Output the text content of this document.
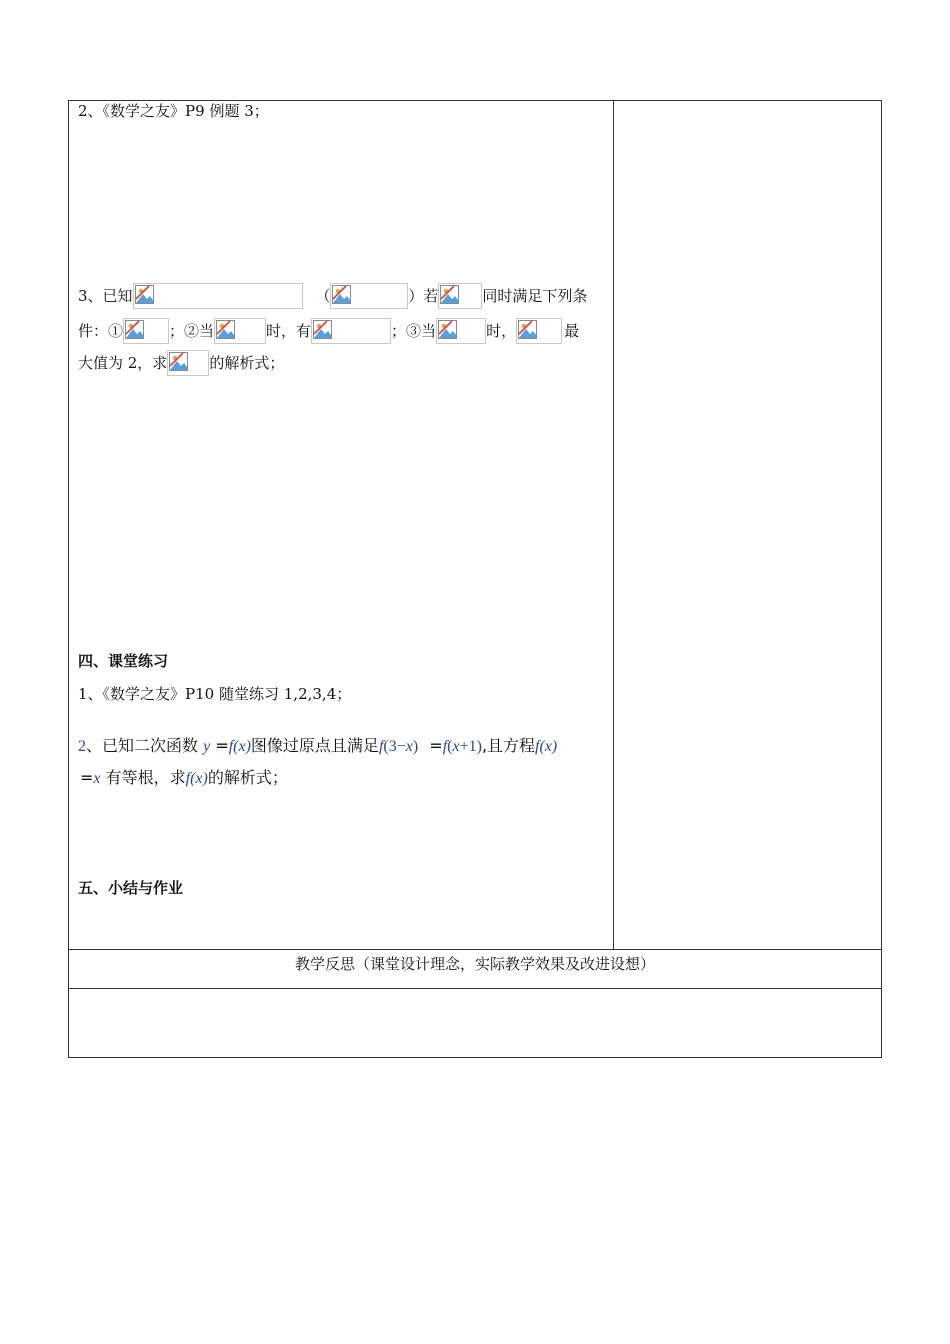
教学反思（课堂设计理念，实际教学效果及改进设想）
2、《数学之友》P9 例题 3；
3、已知	（	）若	同时满足下列条
件：①	；②当	时，有	；③当	时，	最
大值为 2，求	的解析式；
四、课堂练习
1、《数学之友》P10 随堂练习 1,2,3,4；
2、已知二次函数 y =f(x)图像过原点且满足f(3−x) =f(x+1),且方程f(x)
=x 有等根，求f(x)的解析式；
五、小结与作业
